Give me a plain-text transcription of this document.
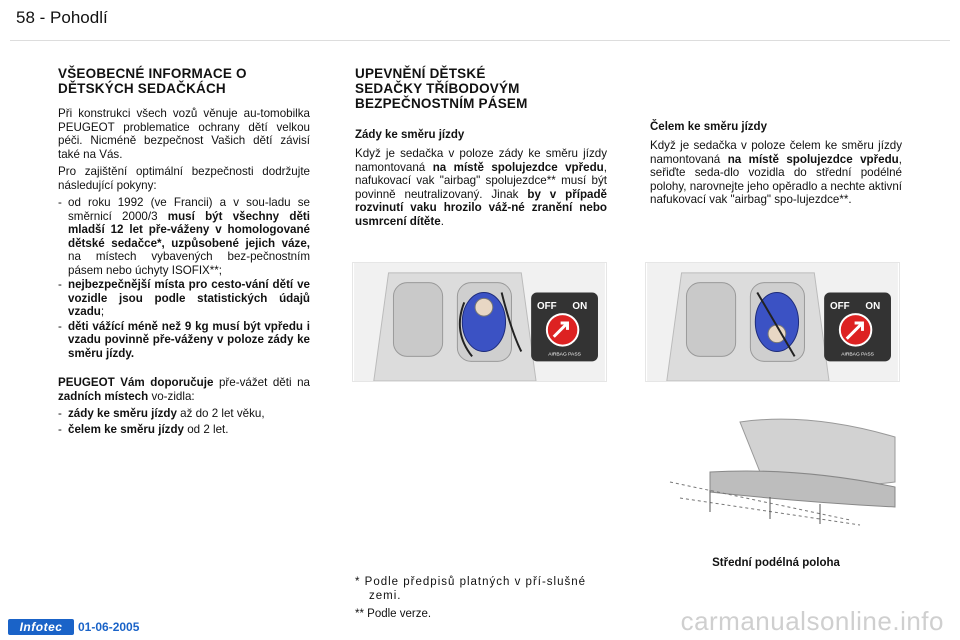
58 - Pohodlí
VŠEOBECNÉ INFORMACE O
DĚTSKÝCH SEDAČKÁCH
Při konstrukci všech vozů věnuje au-tomobilka PEUGEOT problematice ochrany dětí velkou péči. Nicméně bezpečnost Vašich dětí závisí také na Vás.
Pro zajištění optimální bezpečnosti dodržujte následující pokyny:
- od roku 1992 (ve Francii) a v sou-ladu se směrnicí 2000/3 musí být všechny děti mladší 12 let pře-váženy v homologované dětské sedačce*, uzpůsobené jejich váze, na místech vybavených bez-pečnostním pásem nebo úchyty ISOFIX**;
- nejbezpečnější místa pro cesto-vání dětí ve vozidle jsou podle statistických údajů vzadu;
- děti vážící méně než 9 kg musí být vpředu i vzadu povinně pře-váženy v poloze zády ke směru jízdy.
PEUGEOT Vám doporučuje pře-vážet děti na zadních místech vo-zidla:
- zády ke směru jízdy až do 2 let věku,
- čelem ke směru jízdy od 2 let.
UPEVNĚNÍ DĚTSKÉ
SEDAČKY TŘÍBODOVÝM
BEZPEČNOSTNÍM PÁSEM
Zády ke směru jízdy
Když je sedačka v poloze zády ke směru jízdy namontovaná na místě spolujezdce vpředu, nafukovací vak "airbag" spolujezdce** musí být povinně neutralizovaný. Jinak by v případě rozvinutí vaku hrozilo váž-né zranění nebo usmrcení dítěte.
OFF ON
AIRBAG PASS
* Podle předpisů platných v pří-slušné zemi.
** Podle verze.
Čelem ke směru jízdy
Když je sedačka v poloze čelem ke směru jízdy namontovaná na místě spolujezdce vpředu, seřiďte seda-dlo vozidla do střední podélné polohy, narovnejte jeho opěradlo a nechte aktivní nafukovací vak "airbag" spo-lujezdce**.
OFF ON
AIRBAG PASS
Střední podélná poloha
Infotec	01-06-2005	carmanualsonline.info
